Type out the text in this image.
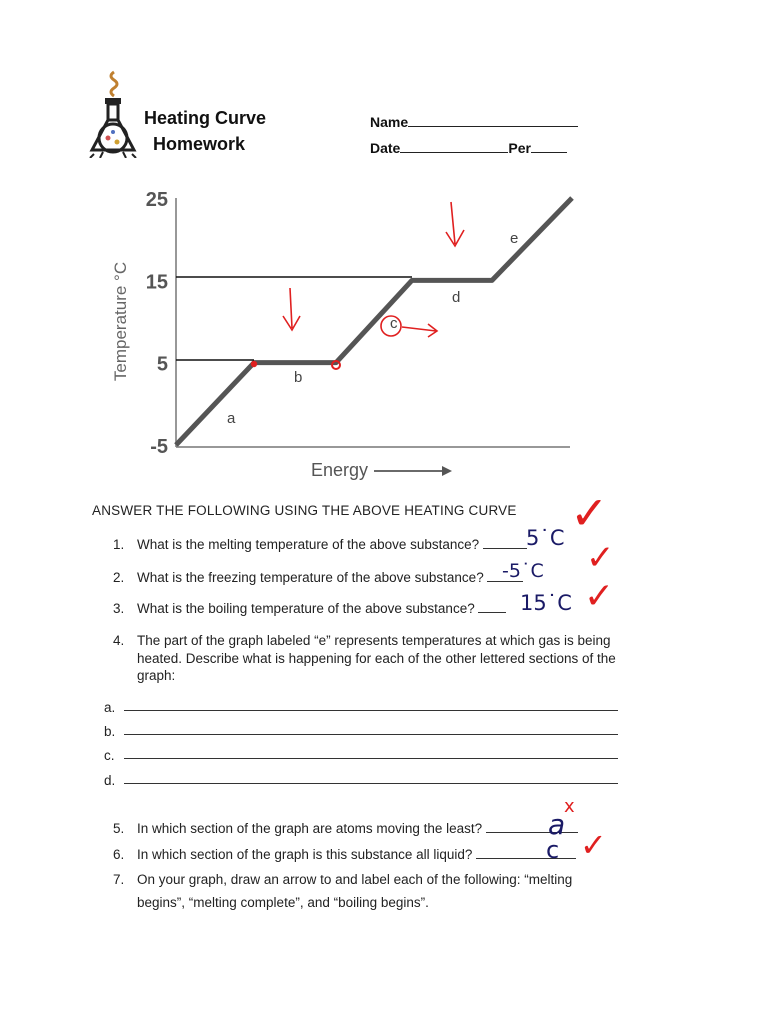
Heating Curve
Homework
Name
Date	Per
25
15
5
-5
Temperature °C
Energy
a
b
c
d
e
ANSWER THE FOLLOWING USING THE ABOVE HEATING CURVE
1. What is the melting temperature of the above substance?
2. What is the freezing temperature of the above substance?
3. What is the boiling temperature of the above substance?
4. The part of the graph labeled “e” represents temperatures at which gas is being
heated. Describe what is happening for each of the other lettered sections of the
graph:
a.
b.
c.
d.
5. In which section of the graph are atoms moving the least?
6. In which section of the graph is this substance all liquid?
7. On your graph, draw an arrow to and label each of the following: “melting
begins”, “melting complete”, and “boiling begins”.
5˙C
-5˙C
15˙C
a
c
✓
✓
✓
x
✓
